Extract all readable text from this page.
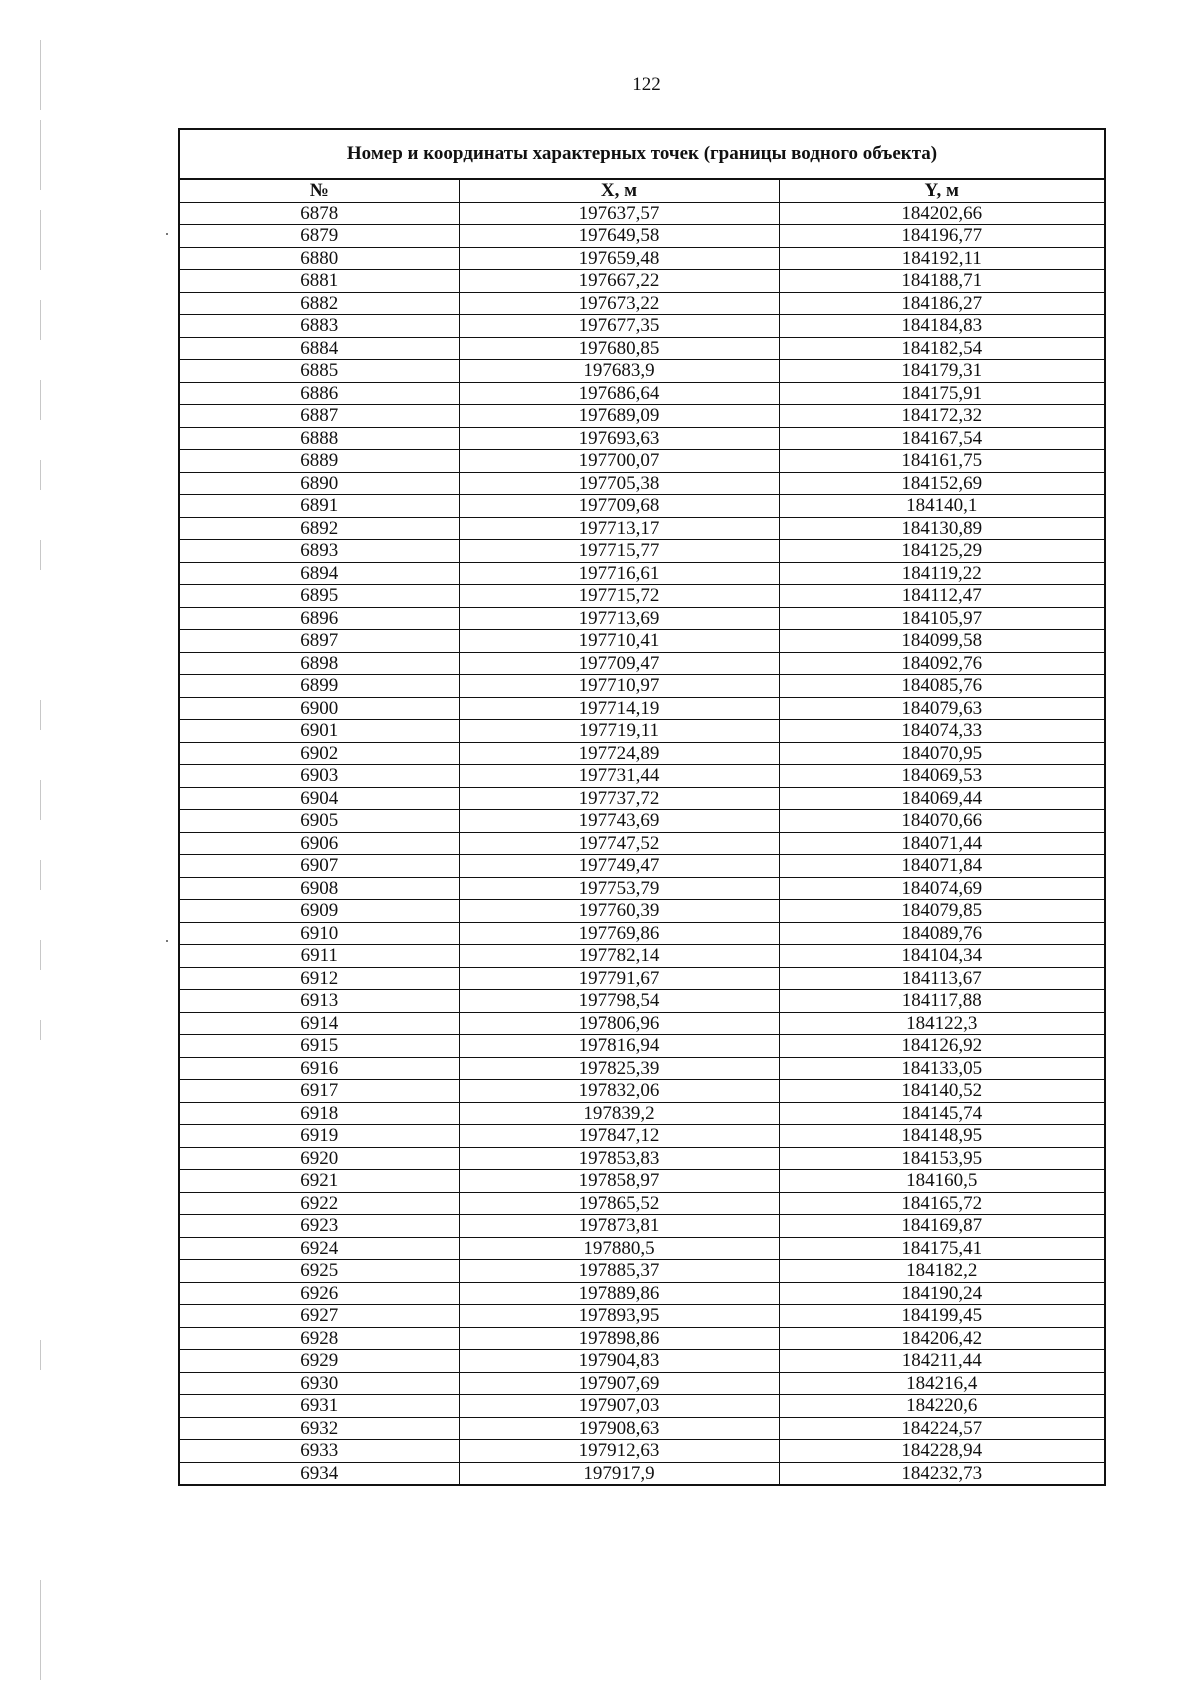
122
Номер и координаты характерных точек (границы водного объекта)		
№	X, м	Y, м
6878	197637,57	184202,66
6879	197649,58	184196,77
6880	197659,48	184192,11
6881	197667,22	184188,71
6882	197673,22	184186,27
6883	197677,35	184184,83
6884	197680,85	184182,54
6885	197683,9	184179,31
6886	197686,64	184175,91
6887	197689,09	184172,32
6888	197693,63	184167,54
6889	197700,07	184161,75
6890	197705,38	184152,69
6891	197709,68	184140,1
6892	197713,17	184130,89
6893	197715,77	184125,29
6894	197716,61	184119,22
6895	197715,72	184112,47
6896	197713,69	184105,97
6897	197710,41	184099,58
6898	197709,47	184092,76
6899	197710,97	184085,76
6900	197714,19	184079,63
6901	197719,11	184074,33
6902	197724,89	184070,95
6903	197731,44	184069,53
6904	197737,72	184069,44
6905	197743,69	184070,66
6906	197747,52	184071,44
6907	197749,47	184071,84
6908	197753,79	184074,69
6909	197760,39	184079,85
6910	197769,86	184089,76
6911	197782,14	184104,34
6912	197791,67	184113,67
6913	197798,54	184117,88
6914	197806,96	184122,3
6915	197816,94	184126,92
6916	197825,39	184133,05
6917	197832,06	184140,52
6918	197839,2	184145,74
6919	197847,12	184148,95
6920	197853,83	184153,95
6921	197858,97	184160,5
6922	197865,52	184165,72
6923	197873,81	184169,87
6924	197880,5	184175,41
6925	197885,37	184182,2
6926	197889,86	184190,24
6927	197893,95	184199,45
6928	197898,86	184206,42
6929	197904,83	184211,44
6930	197907,69	184216,4
6931	197907,03	184220,6
6932	197908,63	184224,57
6933	197912,63	184228,94
6934	197917,9	184232,73
